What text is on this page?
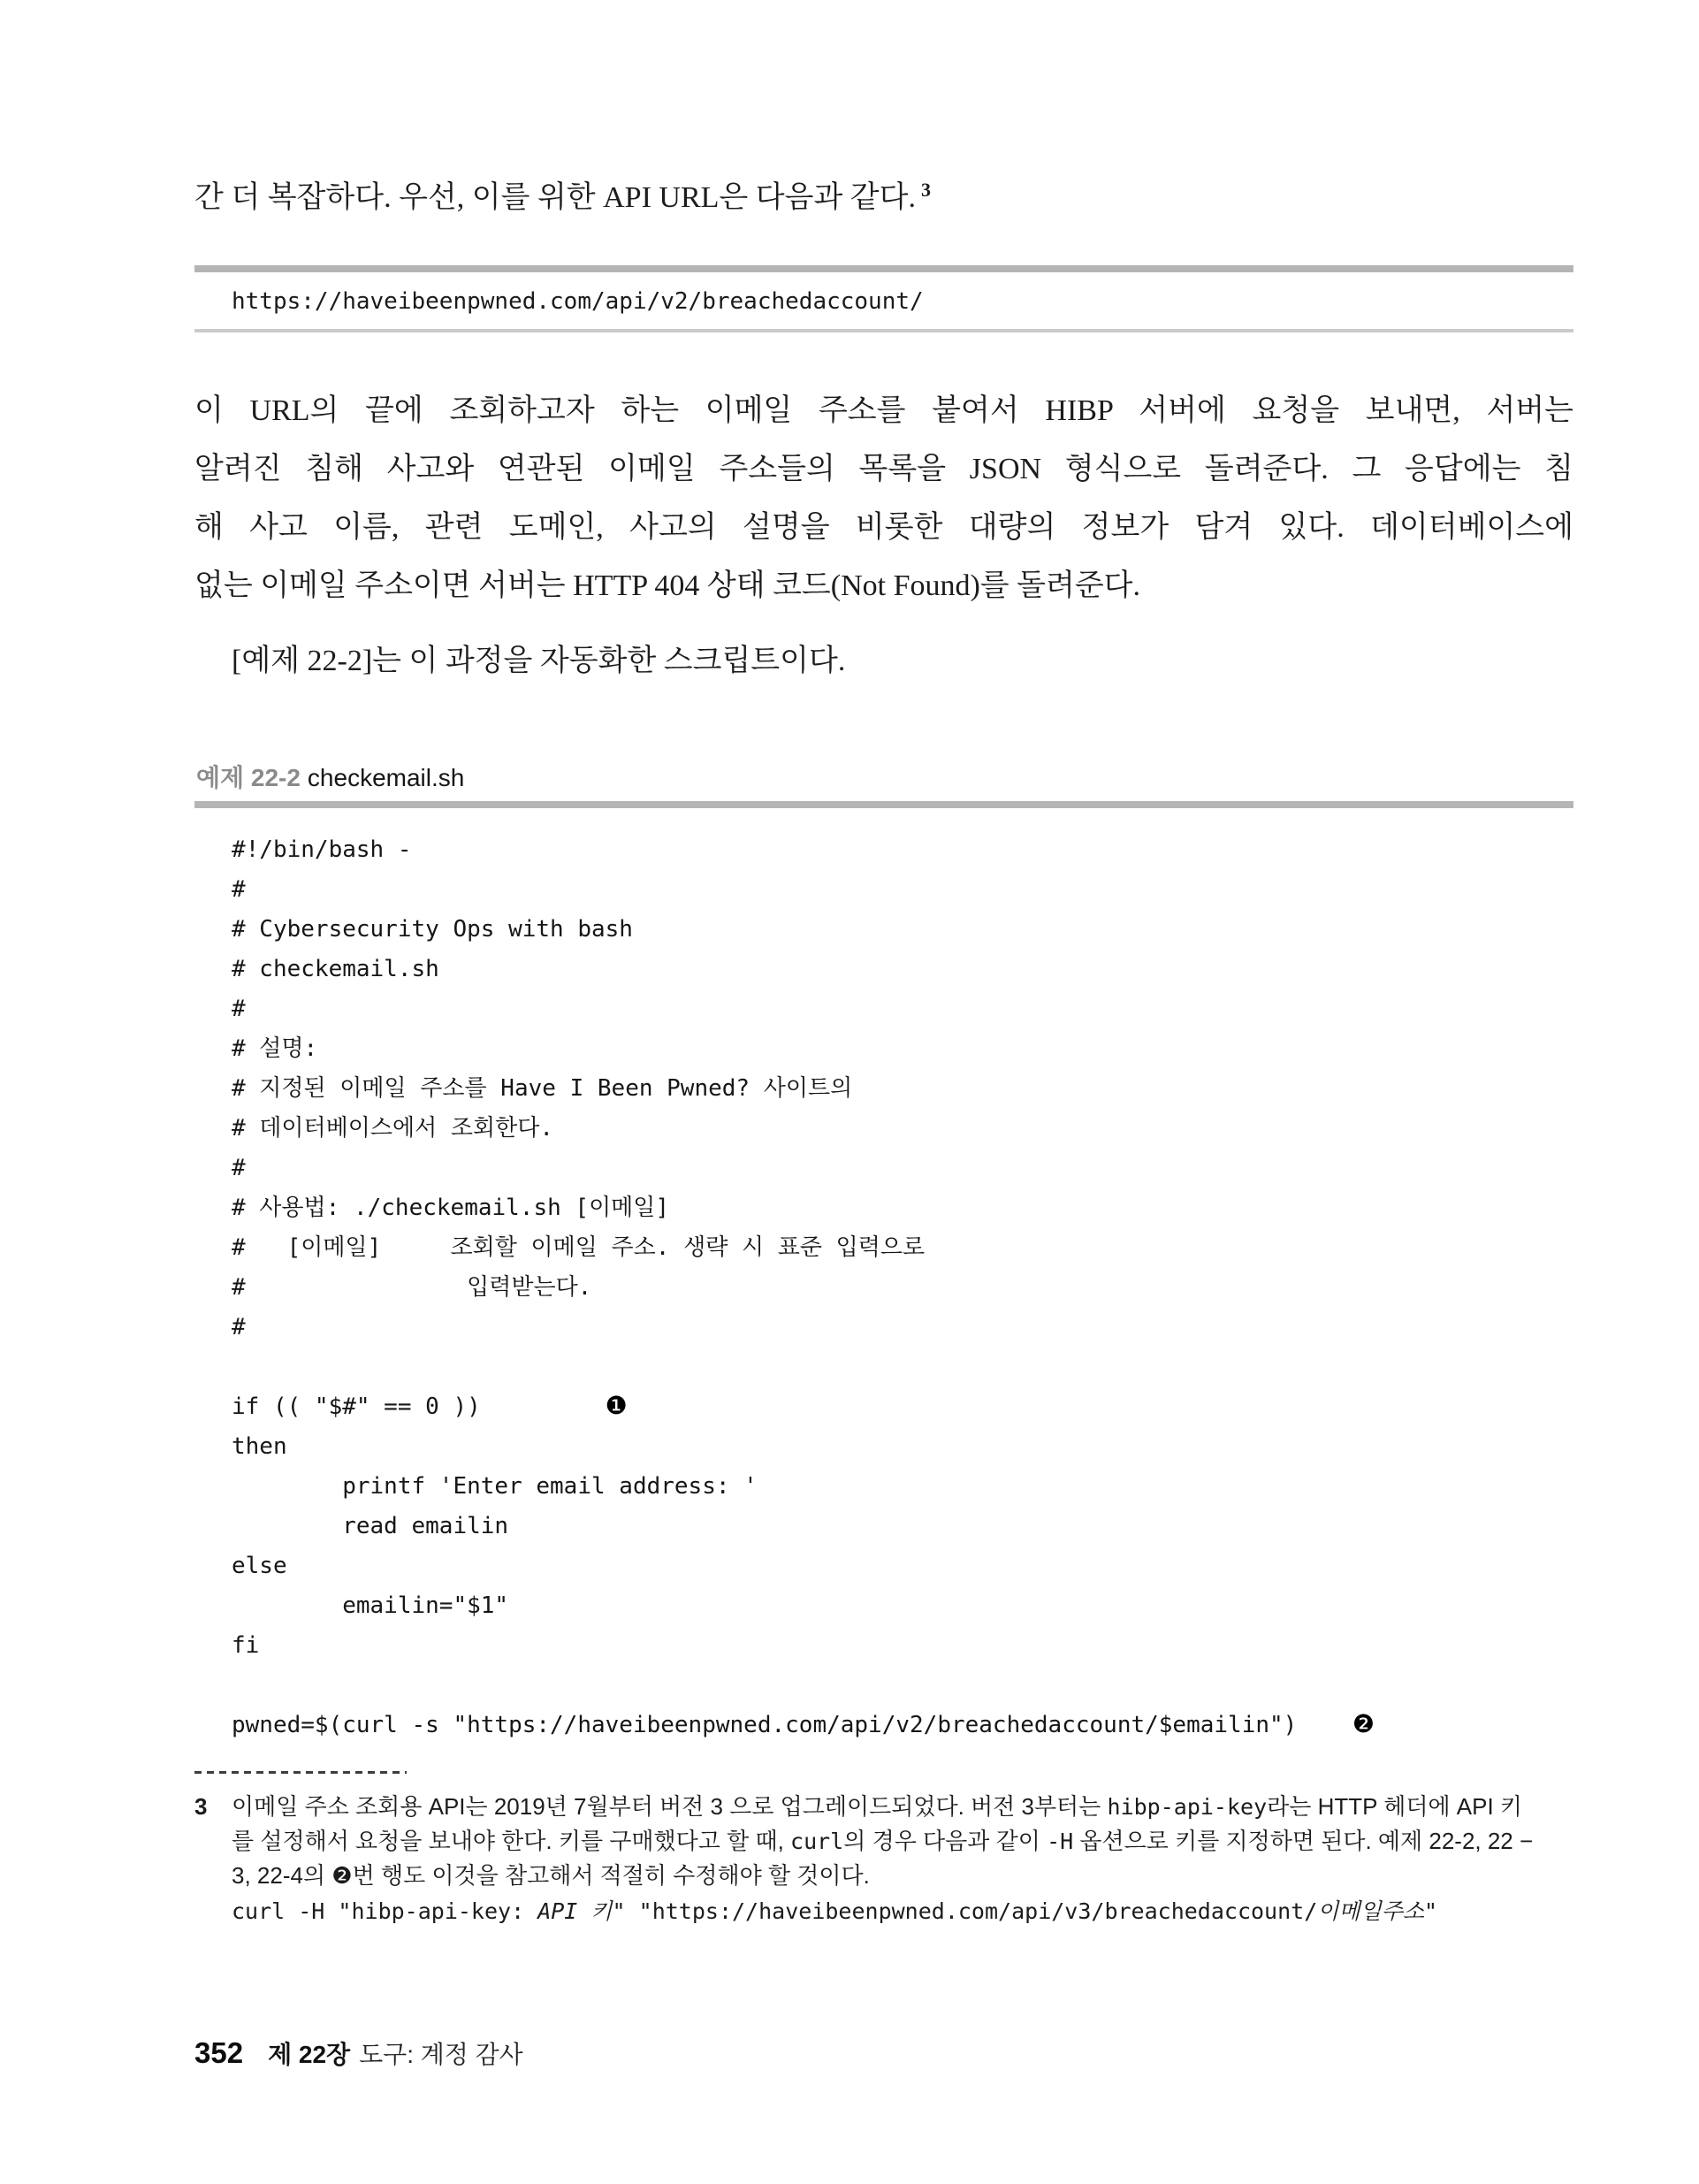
간 더 복잡하다. 우선, 이를 위한 API URL은 다음과 같다. $^3$

https://haveibeenpwned.com/api/v2/breachedaccount/
이 URL의 끝에 조회하고자 하는 이메일 주소를 붙여서 HIBP 서버에 요청을 보내면, 서버는
알려진 침해 사고와 연관된 이메일 주소들의 목록을 JSON 형식으로 돌려준다. 그 응답에는 침
해 사고 이름, 관련 도메인, 사고의 설명을 비롯한 대량의 정보가 담겨 있다. 데이터베이스에
없는 이메일 주소이면 서버는 HTTP 404 상태 코드(Not Found)를 돌려준다.

[예제 22-2]는 이 과정을 자동화한 스크립트이다.

예제 22-2 checkemail.sh
#!/bin/bash -
#
# Cybersecurity Ops with bash
# checkemail.sh
#
# 설명:
# 지정된 이메일 주소를 Have I Been Pwned? 사이트의
# 데이터베이스에서 조회한다.
#
# 사용법: ./checkemail.sh [이메일]
#   [이메일]     조회할 이메일 주소. 생략 시 표준 입력으로
#                입력받는다.
#
if (( "$#" == 0 ))         ❶
then
printf 'Enter email address: '
read emailin
else
emailin="$1"
fi
pwned=$(curl -s "https://haveibeenpwned.com/api/v2/breachedaccount/$emailin")    ❷
3	이메일 주소 조회용 API는 2019년 7월부터 버전 3 으로 업그레이드되었다. 버전 3부터는 hibp-api-key라는 HTTP 헤더에 API 키
를 설정해서 요청을 보내야 한다. 키를 구매했다고 할 때, curl의 경우 다음과 같이 -H 옵션으로 키를 지정하면 된다. 예제 22-2, 22 −
3, 22-4의 ❷번 행도 이것을 참고해서 적절히 수정해야 할 것이다.
curl -H "hibp-api-key: API 키" "https://haveibeenpwned.com/api/v3/breachedaccount/이메일주소"
352 제 22장 도구: 계정 감사
